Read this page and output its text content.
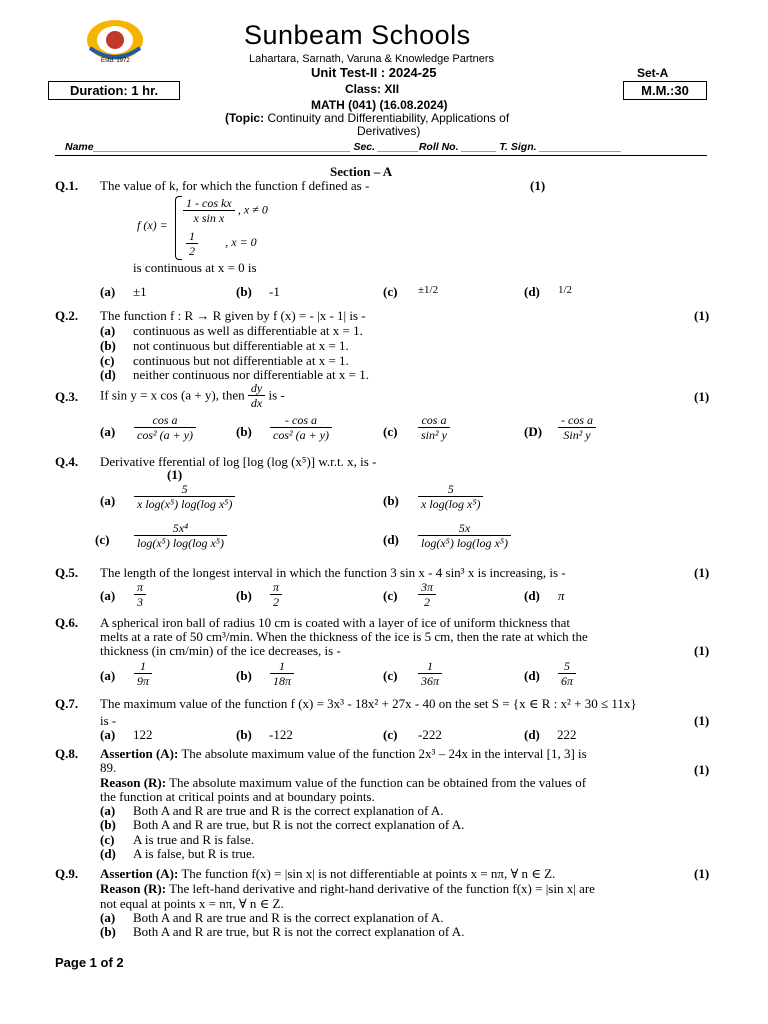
Estd. 1972
Sunbeam Schools
Lahartara, Sarnath, Varuna & Knowledge Partners
Unit Test-II : 2024-25	Set-A
Duration: 1 hr.	Class: XII	M.M.:30
MATH (041) (16.08.2024)
(Topic: Continuity and Differentiability, Applications of
Derivatives)
Name____________________________________________ Sec. _______Roll No. ______ T. Sign. ______________
Section – A
Q.1. The value of k, for which the function f defined as -	(1)
f $(x) = \frac{\text{1 - cos kx}}{\text{x sin x}}$ , x ≠ 0
$\frac{1}{2}$ , x = 0
is continuous at x = 0 is
(a) ±1	(b) -1	(c) ±1/2	(d) 1/2
Q.2. The function f : R → R given by f (x) = - |x - 1| is -	(1)
(a) continuous as well as differentiable at x = 1.
(b) not continuous but differentiable at x = 1.
(c) continuous but not differentiable at x = 1.
(d) neither continuous nor differentiable at x = 1.
Q.3. If sin y = x cos (a + y), then $\frac{dy}{dx}$ is -	(1)
$(a) \frac{\text{cos a}}{\text{cos² (a + y)}}$	$(b) \frac{\text{- cos a}}{\text{cos² (a + y)}}$	$(c) \frac{\text{cos a}}{\text{sin² y}}$	$(D) \frac{\text{- cos a}}{\text{Sin² y}}$
Q.4. Derivative fferential of log [log (log (x⁵)] w.r.t. x, is -
(1)
$(a) \frac{5}{\text{x log(x⁵) log(log x⁵)}}$	$(b) \frac{5}{\text{x log(log x⁵)}}$
$(c) \frac{\text{5x⁴}}{\text{log(x⁵) log(log x⁵)}}$	$(d) \frac{5x}{\text{log(x⁵) log(log x⁵)}}$
Q.5. The length of the longest interval in which the function 3 sin x - 4 sin³ x is increasing, is -	(1)
$(a) \frac{\pi}{3}$	$(b) \frac{\pi}{2}$	$(c) \frac{3\pi}{2}$	(d) π
Q.6. A spherical iron ball of radius 10 cm is coated with a layer of ice of uniform thickness that
melts at a rate of 50 cm³/min. When the thickness of the ice is 5 cm, then the rate at which the
thickness (in cm/min) of the ice decreases, is -	(1)
$(a) \frac{1}{9\pi}$	$(b) \frac{1}{18\pi}$	$(c) \frac{1}{36\pi}$	$(d) \frac{5}{6\pi}$
Q.7. The maximum value of the function f (x) = 3x³ - 18x² + 27x - 40 on the set S = {x ∈ R : x² + 30 ≤ 11x}
is -	(1)
(a) 122	(b) -122	(c) -222	(d) 222
Q.8. Assertion (A): The absolute maximum value of the function 2x³ – 24x in the interval [1, 3] is
89.	(1)
Reason (R): The absolute maximum value of the function can be obtained from the values of
the function at critical points and at boundary points.
(a) Both A and R are true and R is the correct explanation of A.
(b) Both A and R are true, but R is not the correct explanation of A.
(c) A is true and R is false.
(d) A is false, but R is true.
Q.9. Assertion (A): The function f(x) = |sin x| is not differentiable at points x = nπ, ∀ n ∈ Z.	(1)
Reason (R): The left-hand derivative and right-hand derivative of the function f(x) = |sin x| are
not equal at points x = nπ, ∀ n ∈ Z.
(a) Both A and R are true and R is the correct explanation of A.
(b) Both A and R are true, but R is not the correct explanation of A.
Page 1 of 2
